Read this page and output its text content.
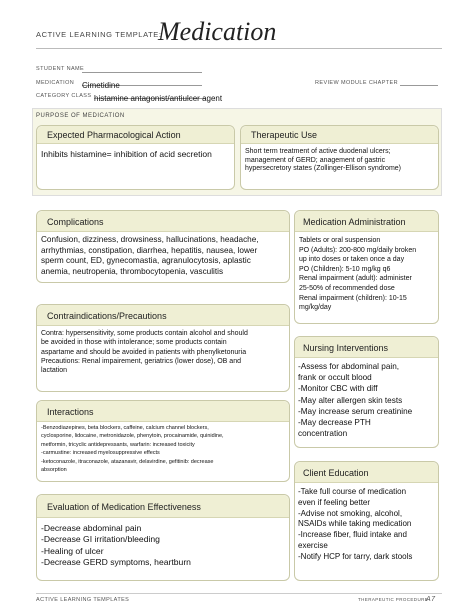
ACTIVE LEARNING TEMPLATE:
Medication
STUDENT NAME
MEDICATION Cimetidine	REVIEW MODULE CHAPTER
CATEGORY CLASS histamine antagonist/antiulcer agent
PURPOSE OF MEDICATION
Expected Pharmacological Action
Inhibits histamine= inhibition of acid secretion
Therapeutic Use
Short term treatment of active duodenal ulcers;
management of GERD; anagement of gastric
hypersecretory states (Zollinger-Ellison syndrome)
Complications
Confusion, dizziness, drowsiness, hallucinations, headache,
arrhythmias, constipation, diarrhea, hepatitis, nausea, lower
sperm count, ED, gynecomastia, agranulocytosis, aplastic
anemia, neutropenia, thrombocytopenia, vasculitis
Medication Administration
Tablets or oral suspension
PO (Adults): 200-800 mg/daily broken
up into doses or taken once a day
PO (Children): 5-10 mg/kg q6
Renal impairment (adult): administer
25-50% of recommended dose
Renal impairment (children): 10-15
mg/kg/day
Contraindications/Precautions
Contra: hypersensitivity, some products contain alcohol and should
be avoided in those with intolerance; some products contain
aspartame and should be avoided in patients with phenylketonuria
Precautions: Renal impairement, geriatrics (lower dose), OB and
lactation
Nursing Interventions
-Assess for abdominal pain,
frank or occult blood
-Monitor CBC with diff
-May alter allergen skin tests
-May increase serum creatinine
-May decrease PTH
concentration
Interactions
-Benzodiazepines, beta blockers, caffeine, calcium channel blockers,
cyclosporine, lidocaine, metronidazole, phenytoin, procainamide, quinidine,
metformin, tricyclic antidepressants, warfarin: increased toxicity
-carmustine: increased myelosuppressive effects
-ketoconazole, itraconazole, atazanavir, delavirdine, gefitinib: decrease
absorption	Client Education
-Take full course of medication
even if feeling better
-Advise not smoking, alcohol,
NSAIDs while taking medication
-Increase fiber, fluid intake and
exercise
-Notify HCP for tarry, dark stools
Evaluation of Medication Effectiveness
-Decrease abdominal pain
-Decrease GI irritation/bleeding
-Healing of ulcer
-Decrease GERD symptoms, heartburn
ACTIVE LEARNING TEMPLATES	THERAPEUTIC PROCEDURE
A7
